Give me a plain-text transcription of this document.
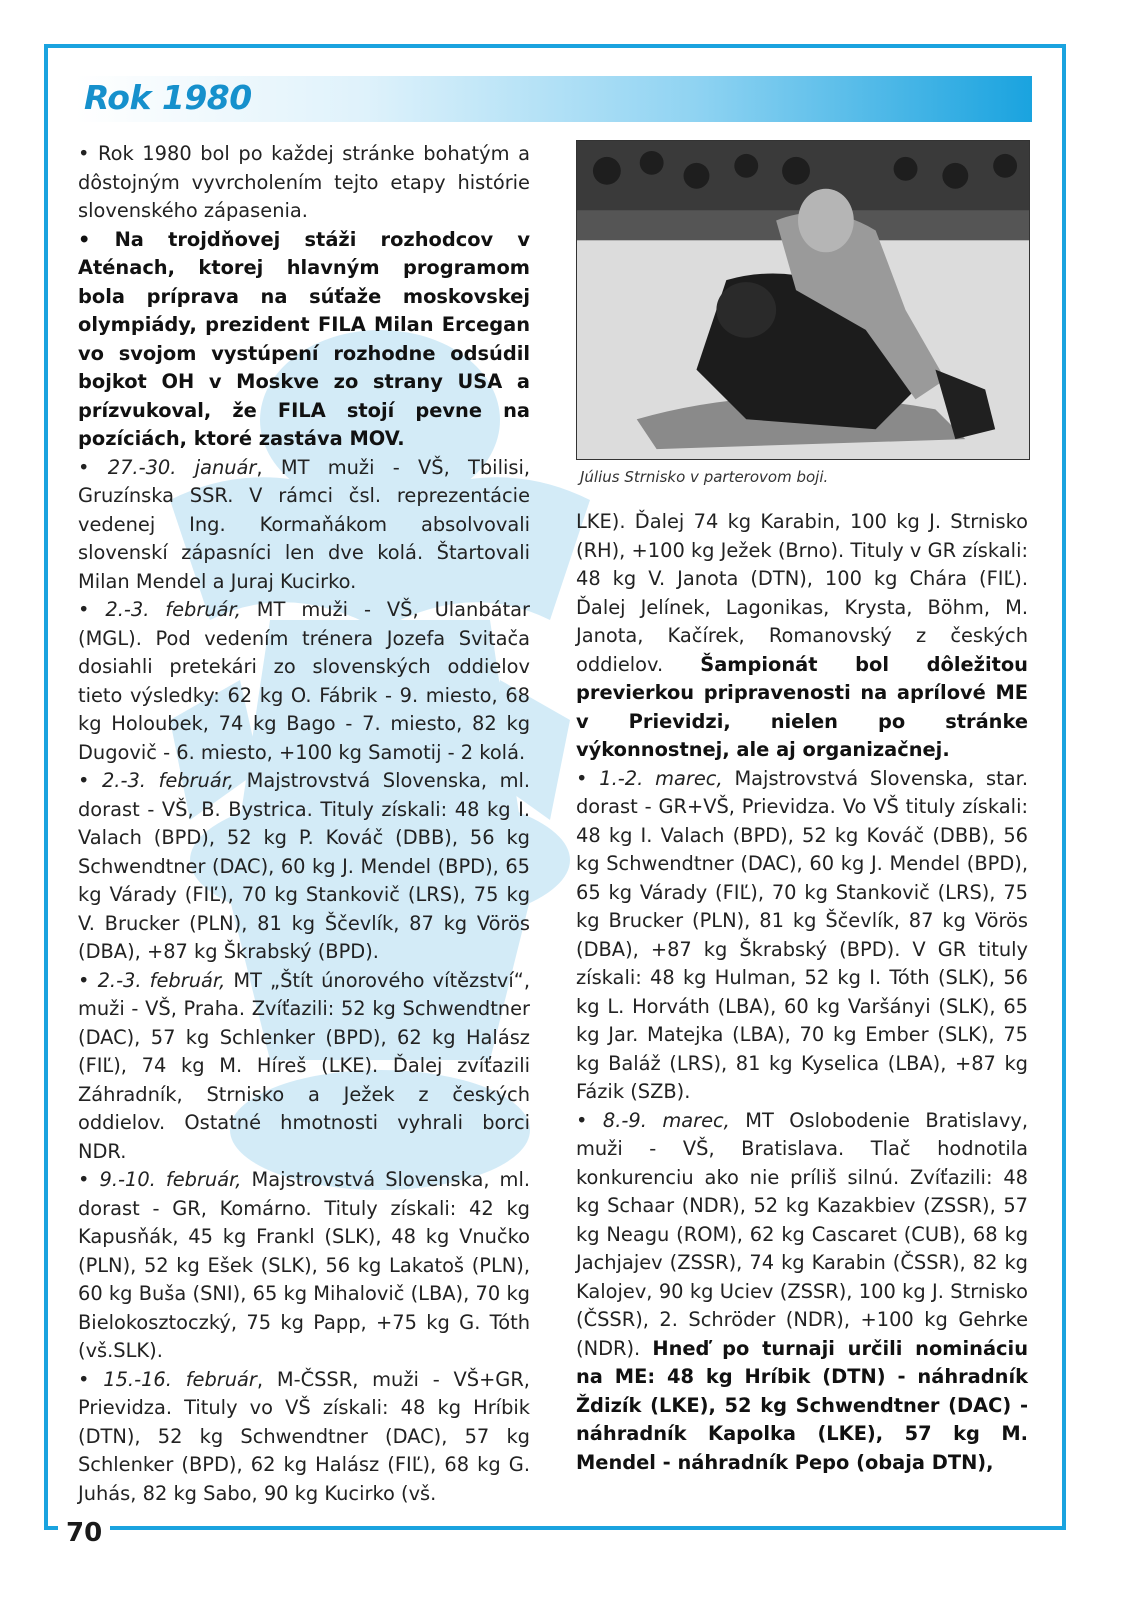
Rok 1980

• Rok 1980 bol po každej stránke bohatým a dôstojným vyvrcholením tejto etapy histórie slovenského zápasenia.

• Na trojdňovej stáži rozhodcov v Aténach, ktorej hlavným programom bola príprava na súťaže moskovskej olympiády, prezident FILA Milan Ercegan vo svojom vystúpení rozhodne odsúdil bojkot OH v Moskve zo strany USA a prízvukoval, že FILA stojí pevne na pozíciách, ktoré zastáva MOV.

• 27.-30. január, MT muži - VŠ, Tbilisi, Gruzínska SSR. V rámci čsl. reprezentácie vedenej Ing. Kormaňákom absolvovali slovenskí zápasníci len dve kolá. Štartovali Milan Mendel a Juraj Kucirko.

• 2.-3. február, MT muži - VŠ, Ulanbátar (MGL). Pod vedením trénera Jozefa Svitača dosiahli pretekári zo slovenských oddielov tieto výsledky: 62 kg O. Fábrik - 9. miesto, 68 kg Holoubek, 74 kg Bago - 7. miesto, 82 kg Dugovič - 6. miesto, +100 kg Samotij - 2 kolá.

• 2.-3. február, Majstrovstvá Slovenska, ml. dorast - VŠ, B. Bystrica. Tituly získali: 48 kg I. Valach (BPD), 52 kg P. Kováč (DBB), 56 kg Schwendtner (DAC), 60 kg J. Mendel (BPD), 65 kg Várady (FIĽ), 70 kg Stankovič (LRS), 75 kg V. Brucker (PLN), 81 kg Ščevlík, 87 kg Vörös (DBA), +87 kg Škrabský (BPD).

• 2.-3. február, MT „Štít únorového vítězství“, muži - VŠ, Praha. Zvíťazili: 52 kg Schwendtner (DAC), 57 kg Schlenker (BPD), 62 kg Halász (FIĽ), 74 kg M. Híreš (LKE). Ďalej zvíťazili Záhradník, Strnisko a Ježek z českých oddielov. Ostatné hmotnosti vyhrali borci NDR.

• 9.-10. február, Majstrovstvá Slovenska, ml. dorast - GR, Komárno. Tituly získali: 42 kg Kapusňák, 45 kg Frankl (SLK), 48 kg Vnučko (PLN), 52 kg Ešek (SLK), 56 kg Lakatoš (PLN), 60 kg Buša (SNI), 65 kg Mihalovič (LBA), 70 kg Bielokosztoczký, 75 kg Papp, +75 kg G. Tóth (vš.SLK).

• 15.-16. február, M-ČSSR, muži - VŠ+GR, Prievidza. Tituly vo VŠ získali: 48 kg Hríbik (DTN), 52 kg Schwendtner (DAC), 57 kg Schlenker (BPD), 62 kg Halász (FIĽ), 68 kg G. Juhás, 82 kg Sabo, 90 kg Kucirko (vš.

Július Strnisko v parterovom boji.

LKE). Ďalej 74 kg Karabin, 100 kg J. Strnisko (RH), +100 kg Ježek (Brno). Tituly v GR získali: 48 kg V. Janota (DTN), 100 kg Chára (FIĽ). Ďalej Jelínek, Lagonikas, Krysta, Böhm, M. Janota, Kačírek, Romanovský z českých oddielov. Šampionát bol dôležitou previerkou pripravenosti na aprílové ME v Prievidzi, nielen po stránke výkonnostnej, ale aj organizačnej.

• 1.-2. marec, Majstrovstvá Slovenska, star. dorast - GR+VŠ, Prievidza. Vo VŠ tituly získali: 48 kg I. Valach (BPD), 52 kg Kováč (DBB), 56 kg Schwendtner (DAC), 60 kg J. Mendel (BPD), 65 kg Várady (FIĽ), 70 kg Stankovič (LRS), 75 kg Brucker (PLN), 81 kg Ščevlík, 87 kg Vörös (DBA), +87 kg Škrabský (BPD). V GR tituly získali: 48 kg Hulman, 52 kg I. Tóth (SLK), 56 kg L. Horváth (LBA), 60 kg Varšányi (SLK), 65 kg Jar. Matejka (LBA), 70 kg Ember (SLK), 75 kg Baláž (LRS), 81 kg Kyselica (LBA), +87 kg Fázik (SZB).

• 8.-9. marec, MT Oslobodenie Bratislavy, muži - VŠ, Bratislava. Tlač hodnotila konkurenciu ako nie príliš silnú. Zvíťazili: 48 kg Schaar (NDR), 52 kg Kazakbiev (ZSSR), 57 kg Neagu (ROM), 62 kg Cascaret (CUB), 68 kg Jachjajev (ZSSR), 74 kg Karabin (ČSSR), 82 kg Kalojev, 90 kg Uciev (ZSSR), 100 kg J. Strnisko (ČSSR), 2. Schröder (NDR), +100 kg Gehrke (NDR). Hneď po turnaji určili nomináciu na ME: 48 kg Hríbik (DTN) - náhradník Ždizík (LKE), 52 kg Schwendtner (DAC) - náhradník Kapolka (LKE), 57 kg M. Mendel - náhradník Pepo (obaja DTN),

70
